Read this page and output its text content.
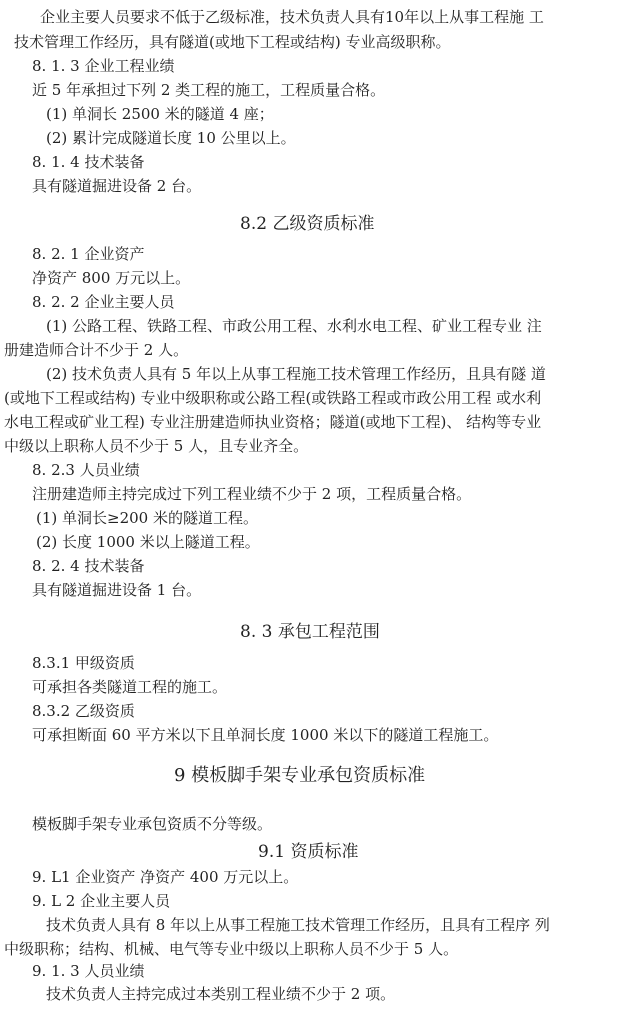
企业主要人员要求不低于乙级标准，技术负责人具有10年以上从事工程施 工
技术管理工作经历，具有隧道(或地下工程或结构) 专业高级职称。
8. 1. 3 企业工程业绩
近 5 年承担过下列 2 类工程的施工，工程质量合格。
(1) 单洞长 2500 米的隧道 4 座；
(2) 累计完成隧道长度 10 公里以上。
8. 1. 4 技术装备
具有隧道掘进设备 2 台。
8.2 乙级资质标准
8. 2. 1 企业资产
净资产 800 万元以上。
8. 2. 2 企业主要人员
(1) 公路工程、铁路工程、市政公用工程、水利水电工程、矿业工程专业 注
册建造师合计不少于 2 人。
(2) 技术负责人具有 5 年以上从事工程施工技术管理工作经历，且具有隧 道
(或地下工程或结构) 专业中级职称或公路工程(或铁路工程或市政公用工程 或水利
水电工程或矿业工程) 专业注册建造师执业资格；隧道(或地下工程)、 结构等专业
中级以上职称人员不少于 5 人，且专业齐全。
8. 2.3 人员业绩
注册建造师主持完成过下列工程业绩不少于 2 项，工程质量合格。
(1) 单洞长≥200 米的隧道工程。
(2) 长度 1000 米以上隧道工程。
8. 2. 4 技术装备
具有隧道掘进设备 1 台。
8. 3 承包工程范围
8.3.1 甲级资质
可承担各类隧道工程的施工。
8.3.2 乙级资质
可承担断面 60 平方米以下且单洞长度 1000 米以下的隧道工程施工。
9 模板脚手架专业承包资质标准
模板脚手架专业承包资质不分等级。
9.1 资质标准
9. L1 企业资产 净资产 400 万元以上。
9. L 2 企业主要人员
技术负责人具有 8 年以上从事工程施工技术管理工作经历，且具有工程序 列
中级职称；结构、机械、电气等专业中级以上职称人员不少于 5 人。
9. 1. 3 人员业绩
技术负责人主持完成过本类别工程业绩不少于 2 项。
